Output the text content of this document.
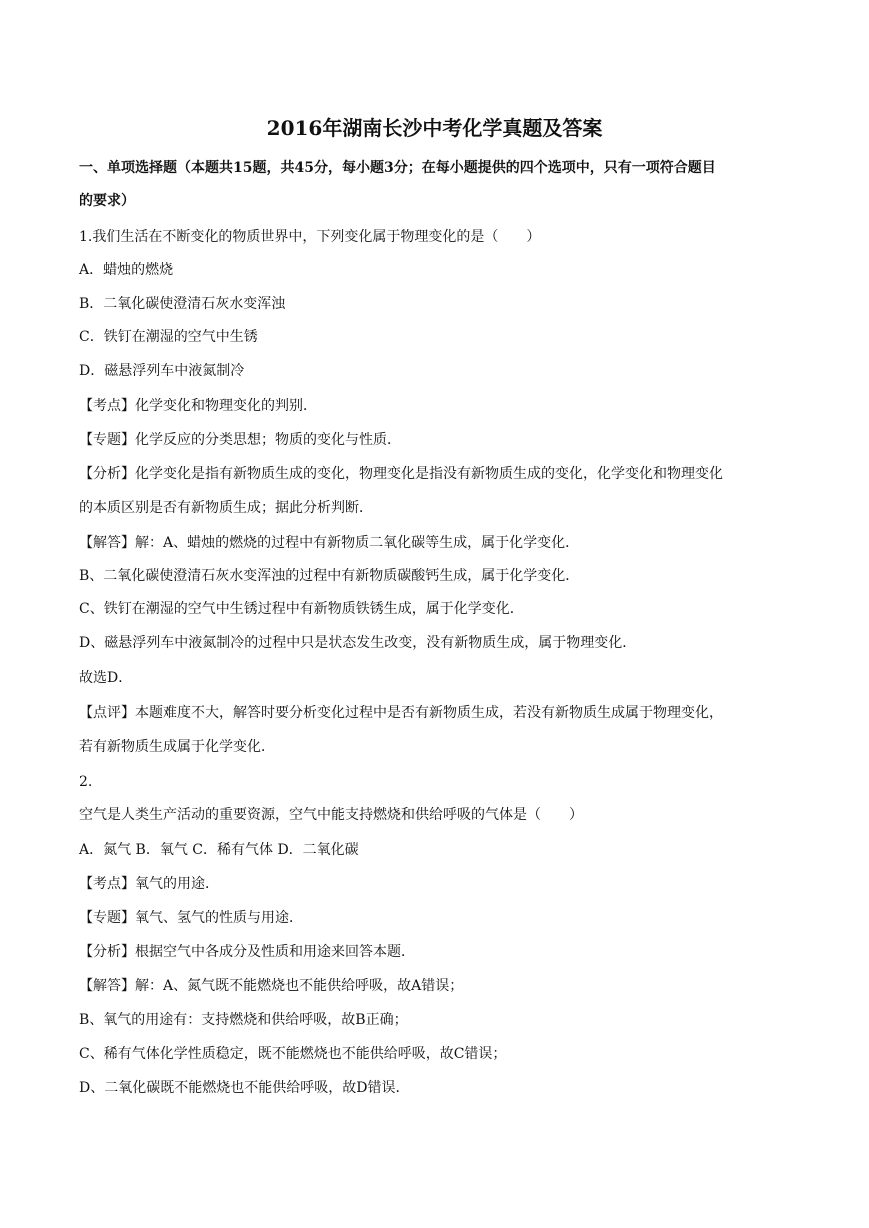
2016年湖南长沙中考化学真题及答案
一、单项选择题（本题共15题，共45分，每小题3分；在每小题提供的四个选项中，只有一项符合题目
的要求）
1.我们生活在不断变化的物质世界中，下列变化属于物理变化的是（　　）
A．蜡烛的燃烧
B．二氧化碳使澄清石灰水变浑浊
C．铁钉在潮湿的空气中生锈
D．磁悬浮列车中液氮制冷
【考点】化学变化和物理变化的判别．
【专题】化学反应的分类思想；物质的变化与性质．
【分析】化学变化是指有新物质生成的变化，物理变化是指没有新物质生成的变化，化学变化和物理变化
的本质区别是否有新物质生成；据此分析判断．
【解答】解：A、蜡烛的燃烧的过程中有新物质二氧化碳等生成，属于化学变化．
B、二氧化碳使澄清石灰水变浑浊的过程中有新物质碳酸钙生成，属于化学变化．
C、铁钉在潮湿的空气中生锈过程中有新物质铁锈生成，属于化学变化．
D、磁悬浮列车中液氮制冷的过程中只是状态发生改变，没有新物质生成，属于物理变化．
故选D．
【点评】本题难度不大，解答时要分析变化过程中是否有新物质生成，若没有新物质生成属于物理变化，
若有新物质生成属于化学变化．
2.
空气是人类生产活动的重要资源，空气中能支持燃烧和供给呼吸的气体是（　　）
A．氮气 B．氧气 C．稀有气体 D．二氧化碳
【考点】氧气的用途．
【专题】氧气、氢气的性质与用途．
【分析】根据空气中各成分及性质和用途来回答本题．
【解答】解：A、氮气既不能燃烧也不能供给呼吸，故A错误；
B、氧气的用途有：支持燃烧和供给呼吸，故B正确；
C、稀有气体化学性质稳定，既不能燃烧也不能供给呼吸，故C错误；
D、二氧化碳既不能燃烧也不能供给呼吸，故D错误．
